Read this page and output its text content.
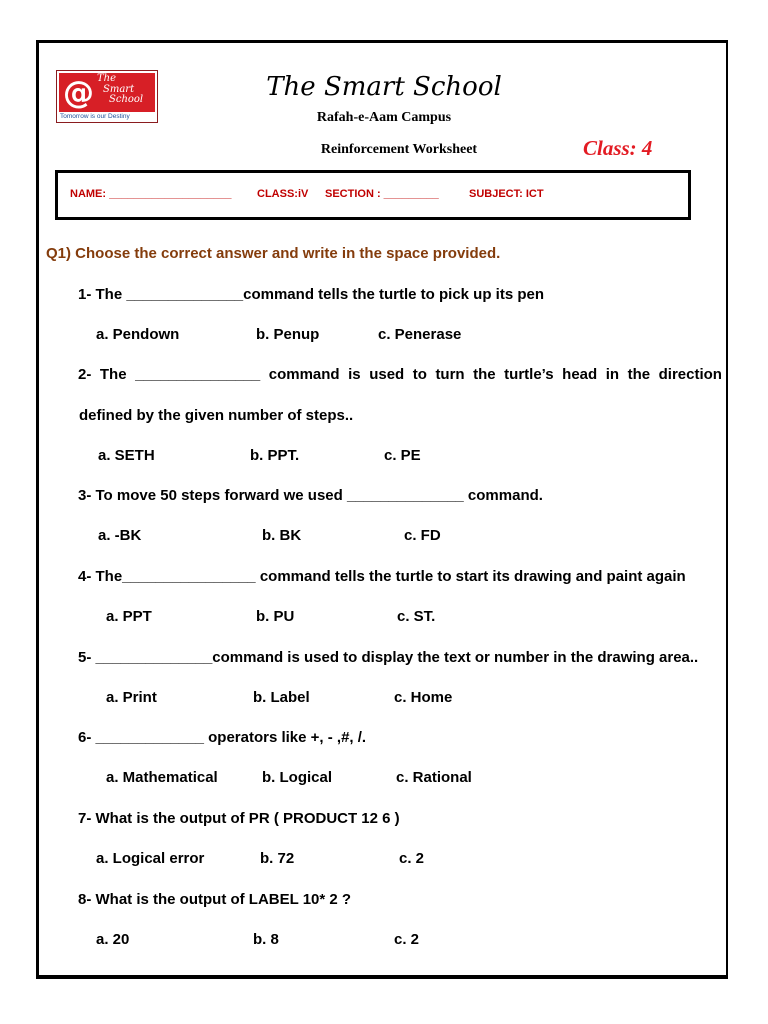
@ The
Smart
School
Tomorrow is our Destiny
The Smart School
Rafah-e-Aam Campus
Reinforcement Worksheet	Class: 4
NAME: ____________________ CLASS:iV SECTION : _________	SUBJECT: ICT
Q1) Choose the correct answer and write in the space provided.
1- The ______________command tells the turtle to pick up its pen
a. Pendown	b. Penup	c. Penerase
2- The _______________ command is used to turn the turtle’s head in the direction
defined by the given number of steps..
a. SETH	b. PPT.	c. PE
3- To move 50 steps forward we used ______________ command.
a. -BK	b. BK	c. FD
4- The________________ command tells the turtle to start its drawing and paint again
a. PPT	b. PU	c. ST.
5- ______________command is used to display the text or number in the drawing area..
a. Print	b. Label	c. Home
6- _____________ operators like +, - ,#, /.
a. Mathematical	b. Logical	c. Rational
7- What is the output of PR ( PRODUCT 12 6 )
a. Logical error	b. 72	c. 2
8- What is the output of LABEL 10* 2 ?
a. 20	b. 8	c. 2
